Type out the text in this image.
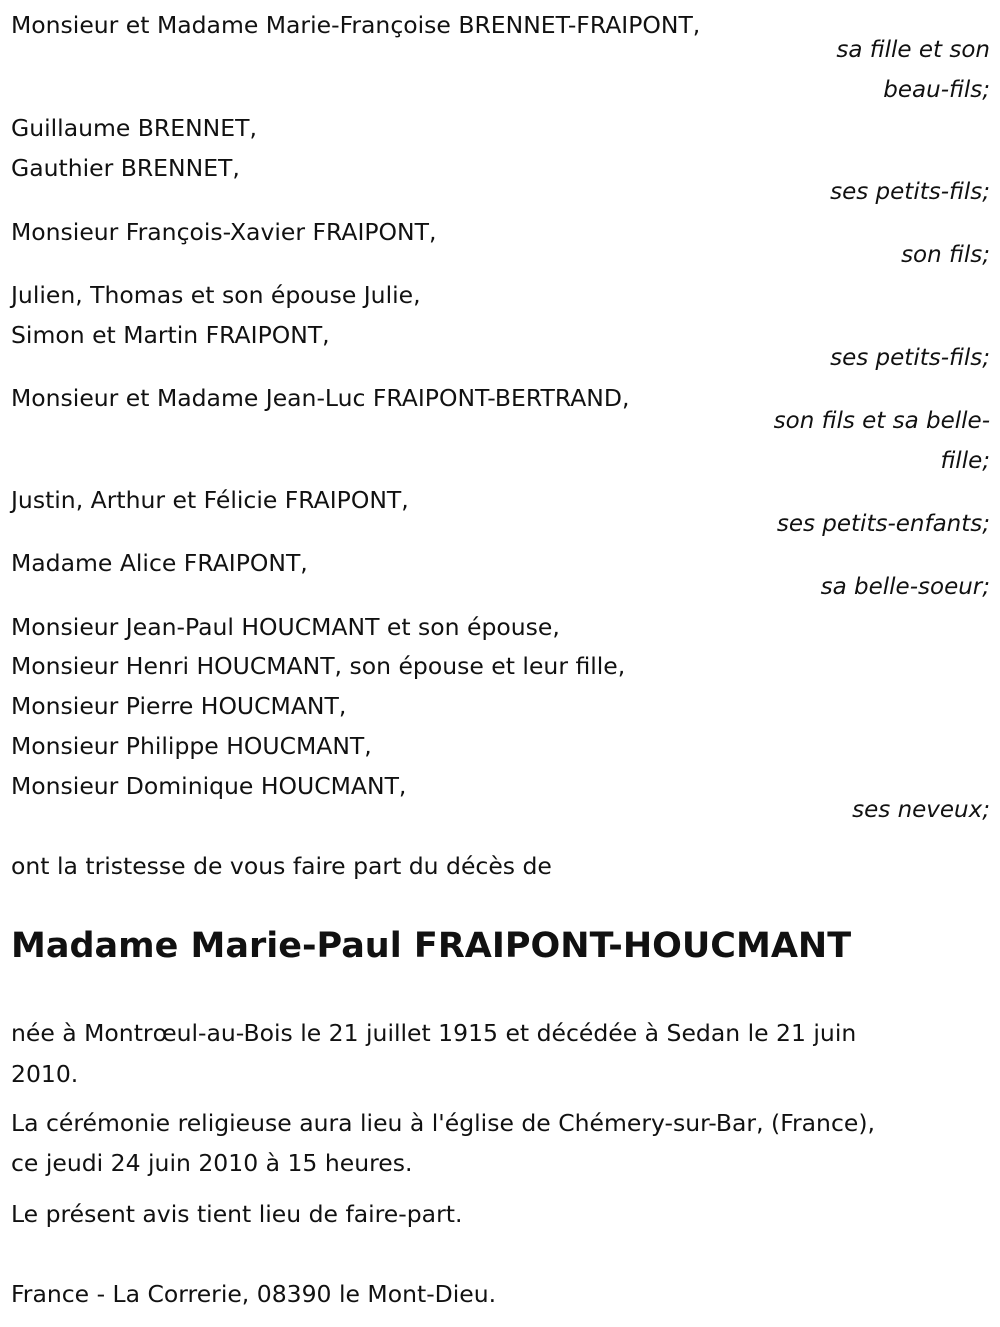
Monsieur et Madame Marie-Françoise BRENNET-FRAIPONT,
sa fille et son
beau-fils;
Guillaume BRENNET,
Gauthier BRENNET,
ses petits-fils;
Monsieur François-Xavier FRAIPONT,
son fils;
Julien, Thomas et son épouse Julie,
Simon et Martin FRAIPONT,
ses petits-fils;
Monsieur et Madame Jean-Luc FRAIPONT-BERTRAND,
son fils et sa belle-
fille;
Justin, Arthur et Félicie FRAIPONT,
ses petits-enfants;
Madame Alice FRAIPONT,
sa belle-soeur;
Monsieur Jean-Paul HOUCMANT et son épouse,
Monsieur Henri HOUCMANT, son épouse et leur fille,
Monsieur Pierre HOUCMANT,
Monsieur Philippe HOUCMANT,
Monsieur Dominique HOUCMANT,
ses neveux;
ont la tristesse de vous faire part du décès de
Madame Marie-Paul FRAIPONT-HOUCMANT
née à Montrœul-au-Bois le 21 juillet 1915 et décédée à Sedan le 21 juin
2010.
La cérémonie religieuse aura lieu à l'église de Chémery-sur-Bar, (France),
ce jeudi 24 juin 2010 à 15 heures.
Le présent avis tient lieu de faire-part.
France - La Correrie, 08390 le Mont-Dieu.
